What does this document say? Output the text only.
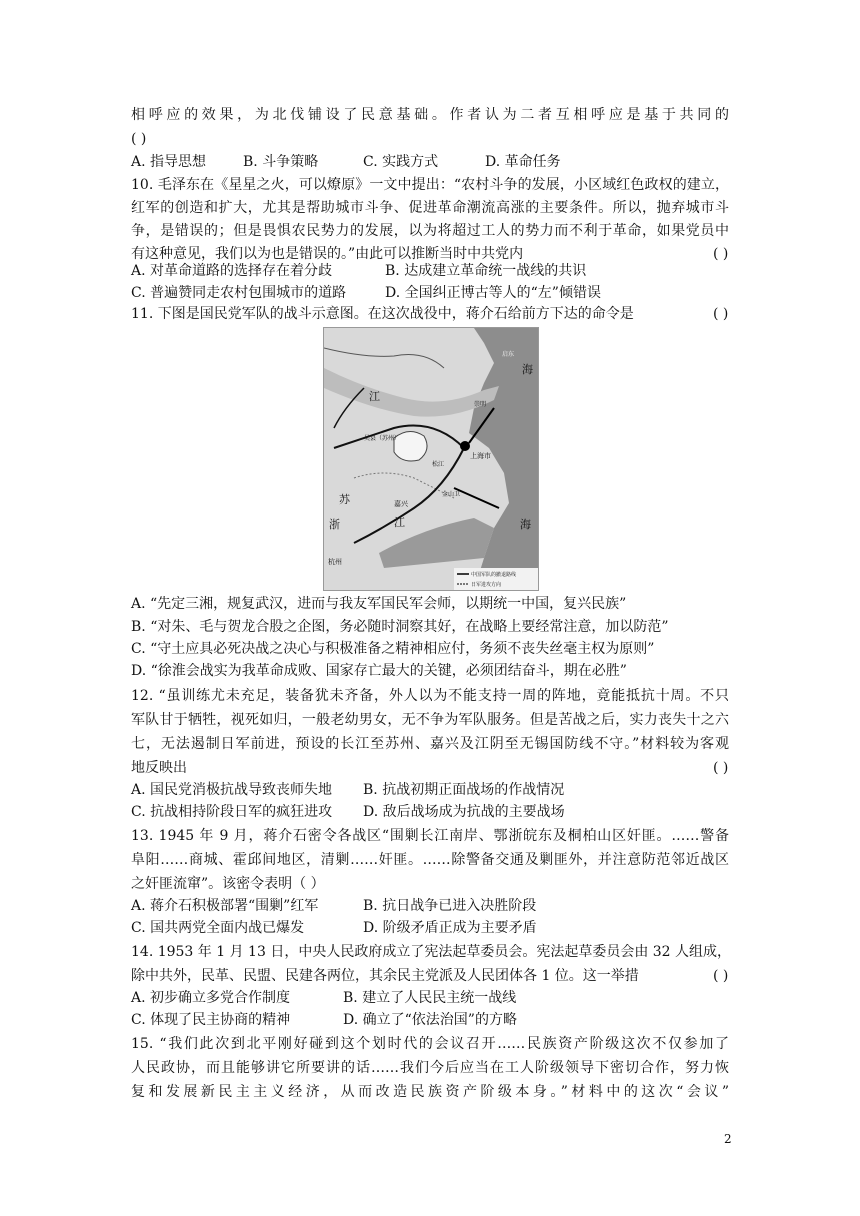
相呼应的效果，为北伐铺设了民意基础。作者认为二者互相呼应是基于共同的
( )
A. 指导思想	B. 斗争策略	C. 实践方式	D. 革命任务
10. 毛泽东在《星星之火，可以燎原》一文中提出：“农村斗争的发展，小区域红色政权的建立，
红军的创造和扩大，尤其是帮助城市斗争、促进革命潮流高涨的主要条件。所以，抛弃城市斗
争，是错误的；但是畏惧农民势力的发展，以为将超过工人的势力而不利于革命，如果党员中
有这种意见，我们以为也是错误的。”由此可以推断当时中共党内	( )
A. 对革命道路的选择存在着分歧	B. 达成建立革命统一战线的共识
C. 普遍赞同走农村包围城市的道路	D. 全国纠正博古等人的“左”倾错误
11. 下图是国民党军队的战斗示意图。在这次战役中，蒋介石给前方下达的命令是	( )
江
苏
浙	江
嘉兴
上海市
海
启东
崇明
吴县（苏州）
松江
金山卫
杭州
海
中国军队的撤退路线
日军进攻方向
A. “先定三湘，规复武汉，进而与我友军国民军会师，以期统一中国，复兴民族”
B. “对朱、毛与贺龙合股之企图，务必随时洞察其好，在战略上要经常注意，加以防范”
C. “守土应具必死决战之决心与积极准备之精神相应付，务须不丧失丝毫主权为原则”
D. “徐淮会战实为我革命成败、国家存亡最大的关键，必须团结奋斗，期在必胜”
12. “虽训练尤未充足，装备犹未齐备，外人以为不能支持一周的阵地，竟能抵抗十周。不只
军队甘于牺牲，视死如归，一般老幼男女，无不争为军队服务。但是苦战之后，实力丧失十之六
七，无法遏制日军前进，预设的长江至苏州、嘉兴及江阴至无锡国防线不守。”材料较为客观
地反映出	( )
A. 国民党消极抗战导致丧师失地 B. 抗战初期正面战场的作战情况
C. 抗战相持阶段日军的疯狂进攻 D. 敌后战场成为抗战的主要战场
13. 1945 年 9 月，蒋介石密令各战区“围剿长江南岸、鄂浙皖东及桐柏山区奸匪。……警备
阜阳……商城、霍邱间地区，清剿……奸匪。……除警备交通及剿匪外，并注意防范邻近战区
之奸匪流窜”。该密令表明（ ）
A. 蒋介石积极部署“围剿”红军	B. 抗日战争已进入决胜阶段
C. 国共两党全面内战已爆发	D. 阶级矛盾正成为主要矛盾
14. 1953 年 1 月 13 日，中央人民政府成立了宪法起草委员会。宪法起草委员会由 32 人组成，
除中共外，民革、民盟、民建各两位，其余民主党派及人民团体各 1 位。这一举措	( )
A. 初步确立多党合作制度	B. 建立了人民民主统一战线
C. 体现了民主协商的精神	D. 确立了“依法治国”的方略
15. “我们此次到北平刚好碰到这个划时代的会议召开……民族资产阶级这次不仅参加了
人民政协，而且能够讲它所要讲的话……我们今后应当在工人阶级领导下密切合作，努力恢
复和发展新民主主义经济，从而改造民族资产阶级本身。”材料中的这次“会议”
2
